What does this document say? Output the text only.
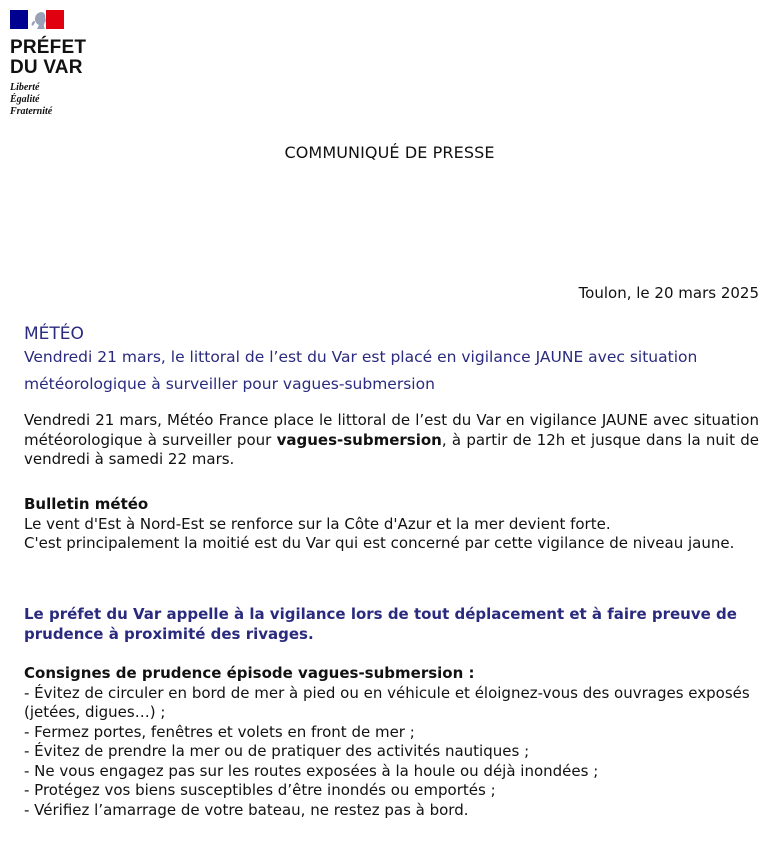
PRÉFET
DU VAR
Liberté
Égalité
Fraternité
COMMUNIQUÉ DE PRESSE
Toulon, le 20 mars 2025
MÉTÉO
Vendredi 21 mars, le littoral de l’est du Var est placé en vigilance JAUNE avec situation
météorologique à surveiller pour vagues-submersion
Vendredi 21 mars, Météo France place le littoral de l’est du Var en vigilance JAUNE avec situation météorologique à surveiller pour vagues-submersion, à partir de 12h et jusque dans la nuit de vendredi à samedi 22 mars.
Bulletin météo
Le vent d'Est à Nord-Est se renforce sur la Côte d'Azur et la mer devient forte.
C'est principalement la moitié est du Var qui est concerné par cette vigilance de niveau jaune.
Le préfet du Var appelle à la vigilance lors de tout déplacement et à faire preuve de prudence à proximité des rivages.
Consignes de prudence épisode vagues-submersion :
- Évitez de circuler en bord de mer à pied ou en véhicule et éloignez-vous des ouvrages exposés (jetées, digues…) ;
- Fermez portes, fenêtres et volets en front de mer ;
- Évitez de prendre la mer ou de pratiquer des activités nautiques ;
- Ne vous engagez pas sur les routes exposées à la houle ou déjà inondées ;
- Protégez vos biens susceptibles d’être inondés ou emportés ;
- Vérifiez l’amarrage de votre bateau, ne restez pas à bord.
